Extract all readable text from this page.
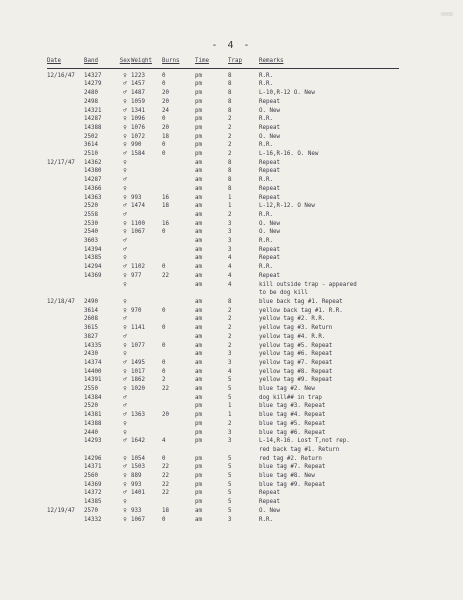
0000
- 4 -
Date	Band	Sex	Weight	Burns	Time	Trap	Remarks
12/16/47	14327	♀	1223	0	pm	8	R.R.
	14279	♂	1457	0	pm	8	R.R.
	2480	♂	1487	20	pm	8	L-10,R-12 O. New
	2498	♀	1059	20	pm	8	Repeat
	14321	♂	1341	24	pm	8	O. New
	14287	♀	1096	0	pm	2	R.R.
	14388	♀	1076	20	pm	2	Repeat
	2502	♀	1072	18	pm	2	O. New
	3614	♀	990	0	pm	2	R.R.
	2510	♂	1584	0	pm	2	L-16,R-16. O. New
12/17/47	14362	♀			am	8	Repeat
	14380	♀			am	8	Repeat
	14287	♂			am	8	R.R.
	14366	♀			am	8	Repeat
	14363	♀	993	16	am	1	Repeat
	2520	♂	1474	18	am	1	L-12,R-12. O New
	2558	♂			am	2	R.R.
	2530	♀	1100	16	am	3	O. New
	2540	♀	1067	0	am	3	O. New
	3603	♂			am	3	R.R.
	14394	♂			am	3	Repeat
	14385	♀			am	4	Repeat
	14294	♂	1102	0	am	4	R.R.
	14369	♀	977	22	am	4	Repeat
		♀			am	4	kill outside trap - appeared
							to be dog kill
12/18/47	2490	♀			am	8	blue back tag #1. Repeat
	3614	♀	970	0	am	2	yellow back tag #1. R.R.
	2608	♂			am	2	yellow tag #2. R.R.
	3615	♀	1141	0	am	2	yellow tag #3. Return
	3827	♂			am	2	yellow tag #4. R.R.
	14335	♀	1077	0	am	2	yellow tag #5. Repeat
	2430	♀			am	3	yellow tag #6. Repeat
	14374	♂	1495	0	am	3	yellow tag #7. Repeat
	14400	♀	1017	0	am	4	yellow tag #8. Repeat
	14391	♂	1862	2	am	5	yellow tag #9. Repeat
	2550	♀	1020	22	am	5	blue tag #2. New
	14384	♂			am	5	dog kill## in trap
	2520	♂			pm	1	blue tag #3. Repeat
	14381	♂	1363	20	pm	1	blue tag #4. Repeat
	14388	♀			pm	2	blue tag #5. Repeat
	2440	♀			pm	3	blue tag #6. Repeat
	14293	♂	1642	4	pm	3	L-14,R-16. Lost T,not rep.
							red back tag #1. Return
	14296	♀	1054	0	pm	5	red tag #2. Return
	14371	♂	1503	22	pm	5	blue tag #7. Repeat
	2560	♀	889	22	pm	5	blue tag #8. New
	14369	♀	993	22	pm	5	blue tag #9. Repeat
	14372	♂	1401	22	pm	5	Repeat
	14385	♀			pm	5	Repeat
12/19/47	2570	♀	933	18	am	5	O. New
	14332	♀	1067	0	am	3	R.R.
